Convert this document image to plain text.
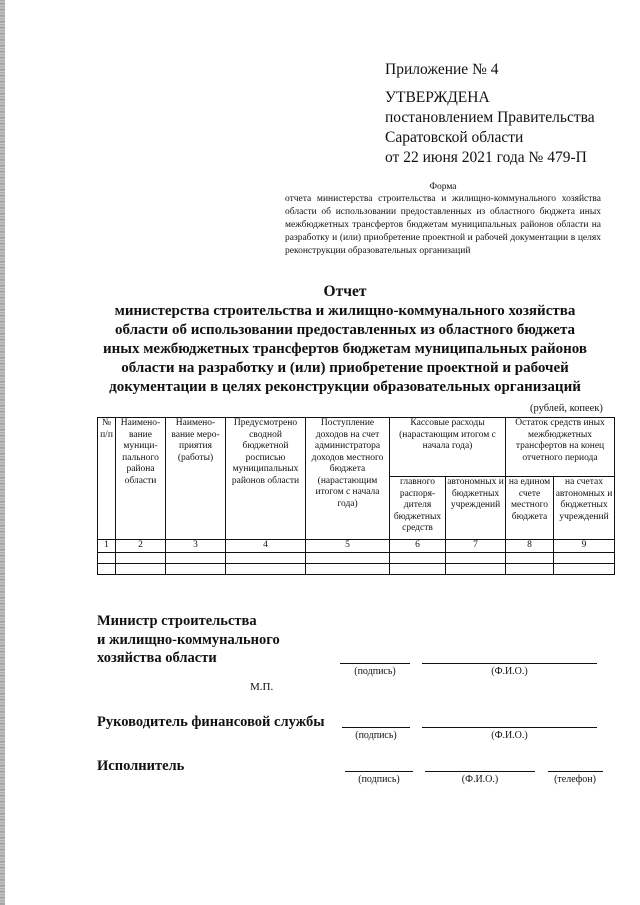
Приложение № 4
УТВЕРЖДЕНА
постановлением Правительства
Саратовской области
от 22 июня 2021 года № 479-П
Форма
отчета министерства строительства и жилищно-коммунального хозяйства области об использовании предоставленных из областного бюджета иных межбюджетных трансфертов бюджетам муниципальных районов области на разработку и (или) приобретение проектной и рабочей документации в целях реконструкции образовательных организаций
Отчет
министерства строительства и жилищно-коммунального хозяйства
области об использовании предоставленных из областного бюджета
иных межбюджетных трансфертов бюджетам муниципальных районов
области на разработку и (или) приобретение проектной и рабочей
документации в целях реконструкции образовательных организаций
(рублей, копеек)
№ п/п	Наимено-вание муници-пального района области	Наимено-вание меро-приятия (работы)	Предусмотрено сводной бюджетной росписью муниципальных районов области	Поступление доходов на счет администратора доходов местного бюджета (нарастающим итогом с начала года)	Кассовые расходы (нарастающим итогом с начала года)		Остаток средств иных межбюджетных трансфертов на конец отчетного периода	
					главного распоря-дителя бюджетных средств	автономных и бюджетных учреждений	на едином счете местного бюджета	на счетах автономных и бюджетных учреждений
1	2	3	4	5	6	7	8	9

Министр строительства
и жилищно-коммунального
хозяйства области
(подпись)	(Ф.И.О.)
М.П.
Руководитель финансовой службы
(подпись)	(Ф.И.О.)
Исполнитель
(подпись)	(Ф.И.О.)	(телефон)
